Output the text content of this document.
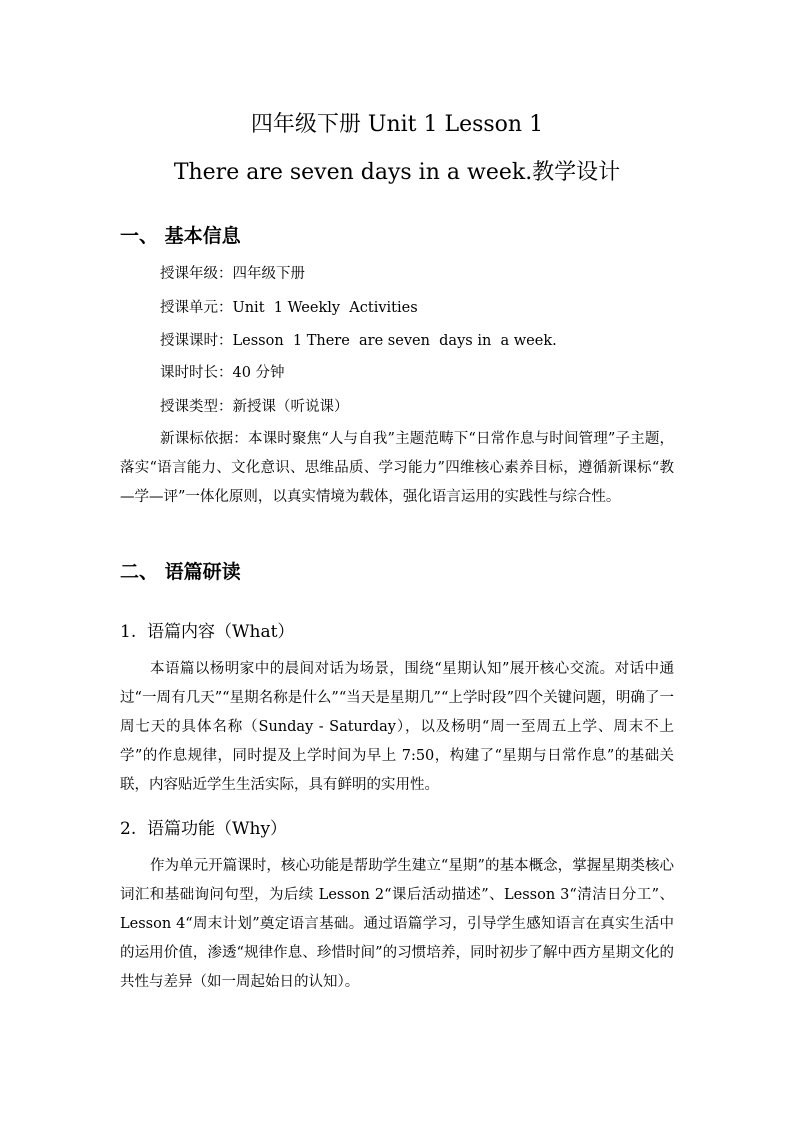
四年级下册 Unit 1 Lesson 1
There are seven days in a week.教学设计
一、 基本信息
授课年级：四年级下册
授课单元：Unit  1 Weekly  Activities
授课课时：Lesson  1 There  are seven  days in  a week.
课时时长：40 分钟
授课类型：新授课（听说课）
新课标依据：本课时聚焦“人与自我”主题范畴下“日常作息与时间管理”子主题，落实“语言能力、文化意识、思维品质、学习能力”四维核心素养目标，遵循新课标“教—学—评”一体化原则，以真实情境为载体，强化语言运用的实践性与综合性。
二、 语篇研读
1.  语篇内容（What）
本语篇以杨明家中的晨间对话为场景，围绕“星期认知”展开核心交流。对话中通过“一周有几天”“星期名称是什么”“当天是星期几”“上学时段”四个关键问题，明确了一周七天的具体名称（Sunday - Saturday），以及杨明“周一至周五上学、周末不上学”的作息规律，同时提及上学时间为早上 7:50，构建了“星期与日常作息”的基础关联，内容贴近学生生活实际，具有鲜明的实用性。
2.  语篇功能（Why）
作为单元开篇课时，核心功能是帮助学生建立“星期”的基本概念，掌握星期类核心词汇和基础询问句型，为后续 Lesson 2“课后活动描述”、Lesson 3“清洁日分工”、Lesson 4“周末计划”奠定语言基础。通过语篇学习，引导学生感知语言在真实生活中的运用价值，渗透“规律作息、珍惜时间”的习惯培养，同时初步了解中西方星期文化的共性与差异（如一周起始日的认知）。
